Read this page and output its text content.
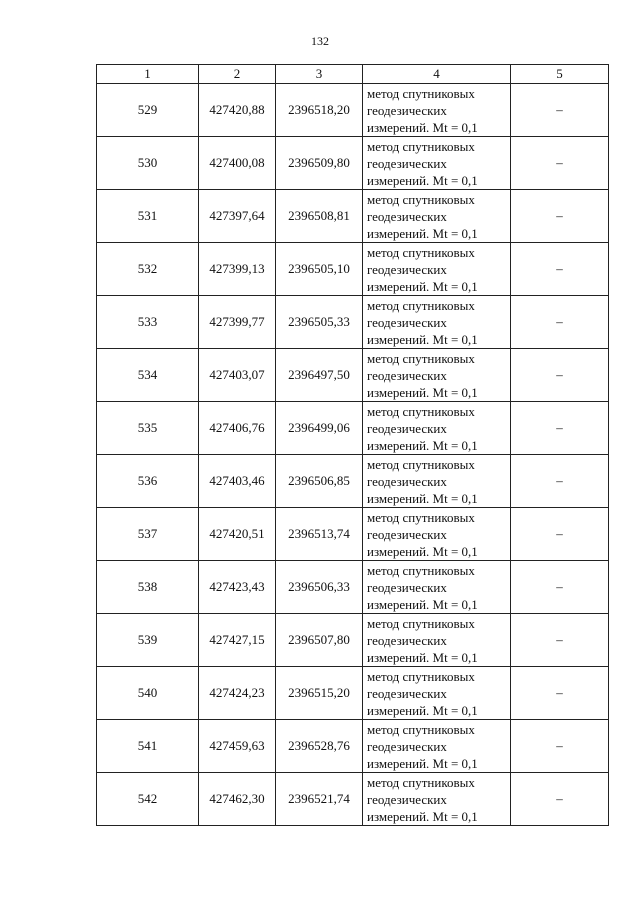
132
1	2	3	4	5
529	427420,88	2396518,20	метод спутниковых
геодезических
измерений. Mt = 0,1	–
530	427400,08	2396509,80	метод спутниковых
геодезических
измерений. Mt = 0,1	–
531	427397,64	2396508,81	метод спутниковых
геодезических
измерений. Mt = 0,1	–
532	427399,13	2396505,10	метод спутниковых
геодезических
измерений. Mt = 0,1	–
533	427399,77	2396505,33	метод спутниковых
геодезических
измерений. Mt = 0,1	–
534	427403,07	2396497,50	метод спутниковых
геодезических
измерений. Mt = 0,1	–
535	427406,76	2396499,06	метод спутниковых
геодезических
измерений. Mt = 0,1	–
536	427403,46	2396506,85	метод спутниковых
геодезических
измерений. Mt = 0,1	–
537	427420,51	2396513,74	метод спутниковых
геодезических
измерений. Mt = 0,1	–
538	427423,43	2396506,33	метод спутниковых
геодезических
измерений. Mt = 0,1	–
539	427427,15	2396507,80	метод спутниковых
геодезических
измерений. Mt = 0,1	–
540	427424,23	2396515,20	метод спутниковых
геодезических
измерений. Mt = 0,1	–
541	427459,63	2396528,76	метод спутниковых
геодезических
измерений. Mt = 0,1	–
542	427462,30	2396521,74	метод спутниковых
геодезических
измерений. Mt = 0,1	–
